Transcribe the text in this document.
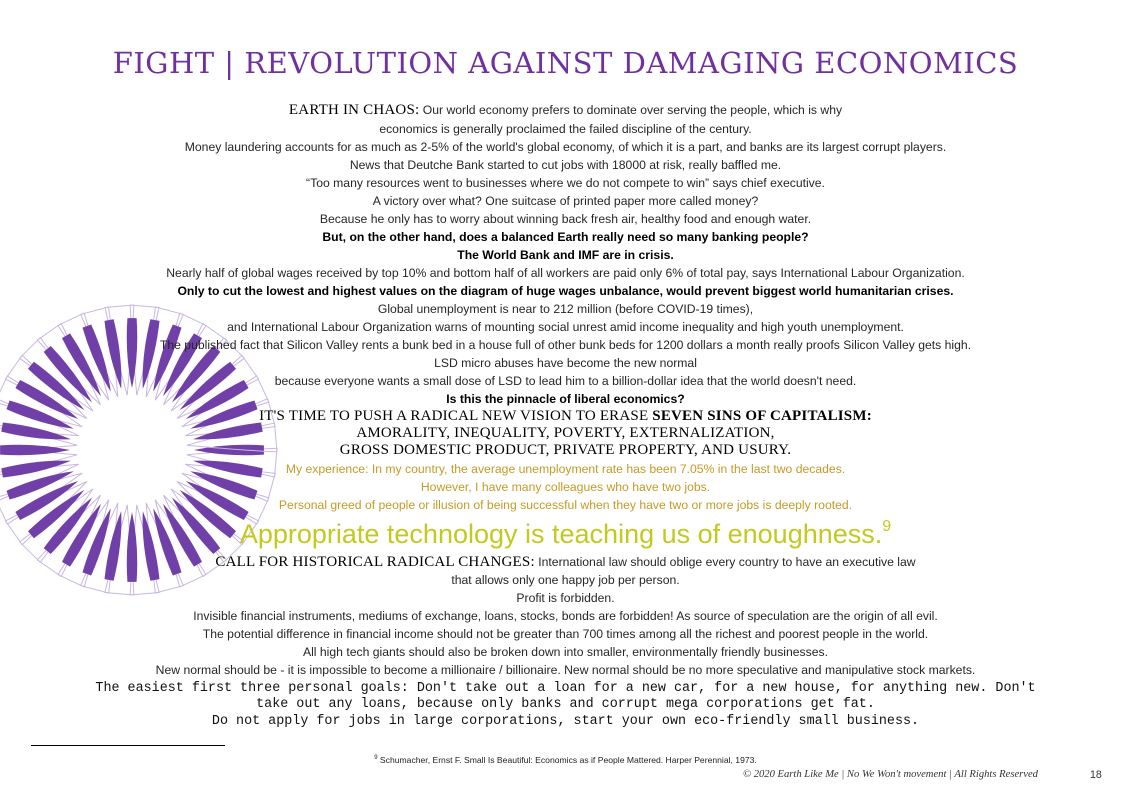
FIGHT | REVOLUTION AGAINST DAMAGING ECONOMICS
EARTH IN CHAOS: Our world economy prefers to dominate over serving the people, which is why
economics is generally proclaimed the failed discipline of the century.
Money laundering accounts for as much as 2-5% of the world's global economy, of which it is a part, and banks are its largest corrupt players.
News that Deutche Bank started to cut jobs with 18000 at risk, really baffled me.
“Too many resources went to businesses where we do not compete to win” says chief executive.
A victory over what? One suitcase of printed paper more called money?
Because he only has to worry about winning back fresh air, healthy food and enough water.
But, on the other hand, does a balanced Earth really need so many banking people?
The World Bank and IMF are in crisis.
Nearly half of global wages received by top 10% and bottom half of all workers are paid only 6% of total pay, says International Labour Organization.
Only to cut the lowest and highest values on the diagram of huge wages unbalance, would prevent biggest world humanitarian crises.
Global unemployment is near to 212 million (before COVID-19 times),
and International Labour Organization warns of mounting social unrest amid income inequality and high youth unemployment.
The published fact that Silicon Valley rents a bunk bed in a house full of other bunk beds for 1200 dollars a month really proofs Silicon Valley gets high.
LSD micro abuses have become the new normal
because everyone wants a small dose of LSD to lead him to a billion-dollar idea that the world doesn't need.
Is this the pinnacle of liberal economics?
IT'S TIME TO PUSH A RADICAL NEW VISION TO ERASE SEVEN SINS OF CAPITALISM:
AMORALITY, INEQUALITY, POVERTY, EXTERNALIZATION,
GROSS DOMESTIC PRODUCT, PRIVATE PROPERTY, AND USURY.
My experience: In my country, the average unemployment rate has been 7.05% in the last two decades.
However, I have many colleagues who have two jobs.
Personal greed of people or illusion of being successful when they have two or more jobs is deeply rooted.
Appropriate technology is teaching us of enoughness.$^9$
CALL FOR HISTORICAL RADICAL CHANGES: International law should oblige every country to have an executive law
that allows only one happy job per person.
Profit is forbidden.
Invisible financial instruments, mediums of exchange, loans, stocks, bonds are forbidden! As source of speculation are the origin of all evil.
The potential difference in financial income should not be greater than 700 times among all the richest and poorest people in the world.
All high tech giants should also be broken down into smaller, environmentally friendly businesses.
New normal should be - it is impossible to become a millionaire / billionaire. New normal should be no more speculative and manipulative stock markets.
The easiest first three personal goals: Don't take out a loan for a new car, for a new house, for anything new. Don't
take out any loans, because only banks and corrupt mega corporations get fat.
Do not apply for jobs in large corporations, start your own eco-friendly small business.
$^9$ Schumacher, Ernst F. Small Is Beautiful: Economics as if People Mattered. Harper Perennial, 1973.
© 2020 Earth Like Me | No We Won't movement | All Rights Reserved	18
